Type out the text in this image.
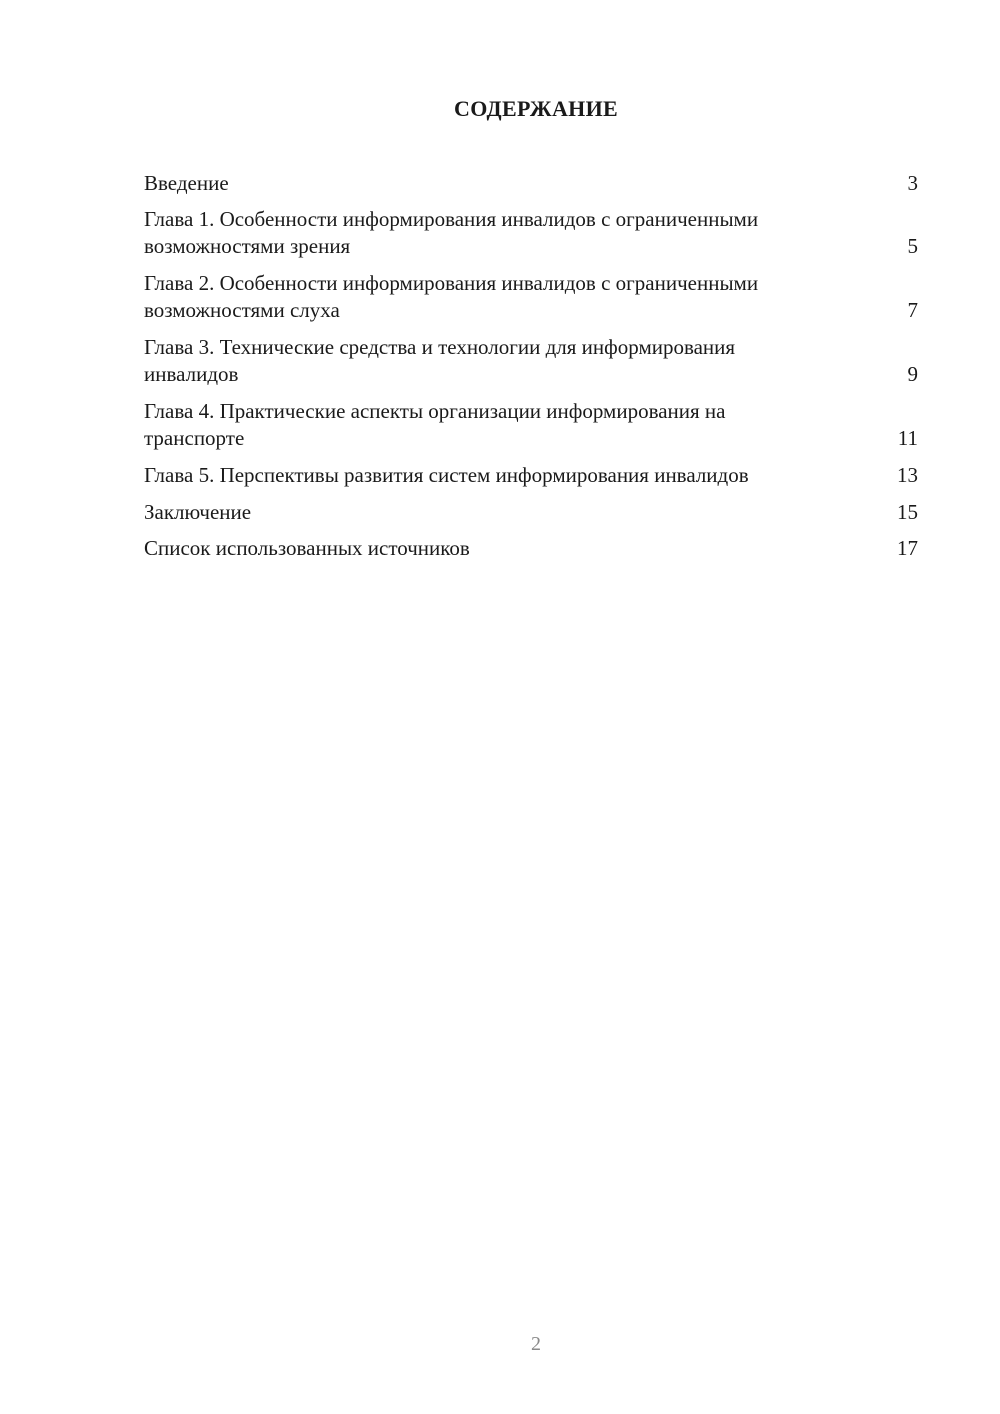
СОДЕРЖАНИЕ
Введение	3
Глава 1. Особенности информирования инвалидов с ограниченными возможностями зрения	5
Глава 2. Особенности информирования инвалидов с ограниченными возможностями слуха	7
Глава 3. Технические средства и технологии для информирования инвалидов	9
Глава 4. Практические аспекты организации информирования на транспорте	11
Глава 5. Перспективы развития систем информирования инвалидов	13
Заключение	15
Список использованных источников	17
2
